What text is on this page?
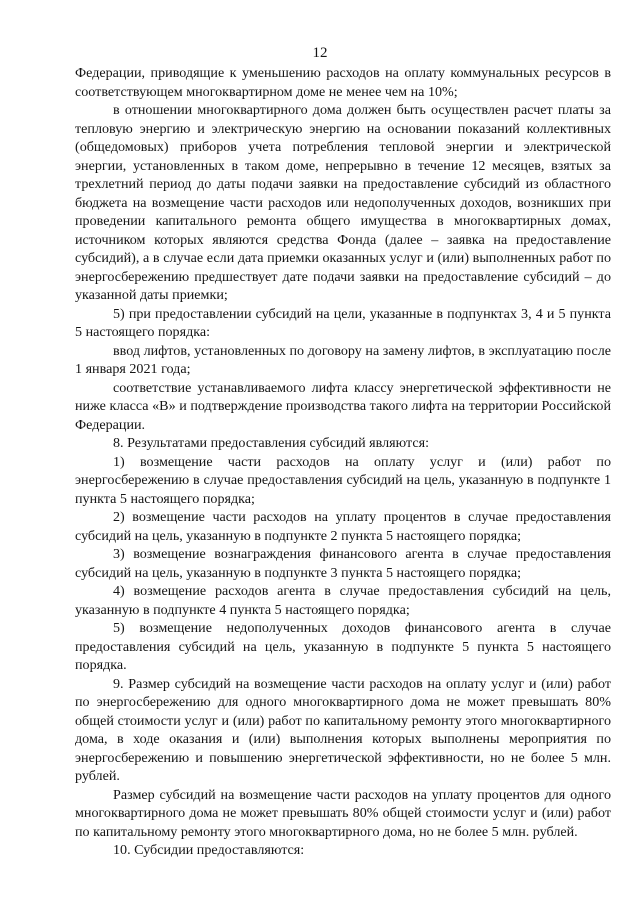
12

Федерации, приводящие к уменьшению расходов на оплату коммунальных ресурсов в соответствующем многоквартирном доме не менее чем на 10%;

в отношении многоквартирного дома должен быть осуществлен расчет платы за тепловую энергию и электрическую энергию на основании показаний коллективных (общедомовых) приборов учета потребления тепловой энергии и электрической энергии, установленных в таком доме, непрерывно в течение 12 месяцев, взятых за трехлетний период до даты подачи заявки на предоставление субсидий из областного бюджета на возмещение части расходов или недополученных доходов, возникших при проведении капитального ремонта общего имущества в многоквартирных домах, источником которых являются средства Фонда (далее – заявка на предоставление субсидий), а в случае если дата приемки оказанных услуг и (или) выполненных работ по энергосбережению предшествует дате подачи заявки на предоставление субсидий – до указанной даты приемки;

5) при предоставлении субсидий на цели, указанные в подпунктах 3, 4 и 5 пункта 5 настоящего порядка:

ввод лифтов, установленных по договору на замену лифтов, в эксплуатацию после 1 января 2021 года;

соответствие устанавливаемого лифта классу энергетической эффективности не ниже класса «В» и подтверждение производства такого лифта на территории Российской Федерации.

8. Результатами предоставления субсидий являются:

1) возмещение части расходов на оплату услуг и (или) работ по энергосбережению в случае предоставления субсидий на цель, указанную в подпункте 1 пункта 5 настоящего порядка;

2) возмещение части расходов на уплату процентов в случае предоставления субсидий на цель, указанную в подпункте 2 пункта 5 настоящего порядка;

3) возмещение вознаграждения финансового агента в случае предоставления субсидий на цель, указанную в подпункте 3 пункта 5 настоящего порядка;

4) возмещение расходов агента в случае предоставления субсидий на цель, указанную в подпункте 4 пункта 5 настоящего порядка;

5) возмещение недополученных доходов финансового агента в случае предоставления субсидий на цель, указанную в подпункте 5 пункта 5 настоящего порядка.

9. Размер субсидий на возмещение части расходов на оплату услуг и (или) работ по энергосбережению для одного многоквартирного дома не может превышать 80% общей стоимости услуг и (или) работ по капитальному ремонту этого многоквартирного дома, в ходе оказания и (или) выполнения которых выполнены мероприятия по энергосбережению и повышению энергетической эффективности, но не более 5 млн. рублей.

Размер субсидий на возмещение части расходов на уплату процентов для одного многоквартирного дома не может превышать 80% общей стоимости услуг и (или) работ по капитальному ремонту этого многоквартирного дома, но не более 5 млн. рублей.

10. Субсидии предоставляются:
